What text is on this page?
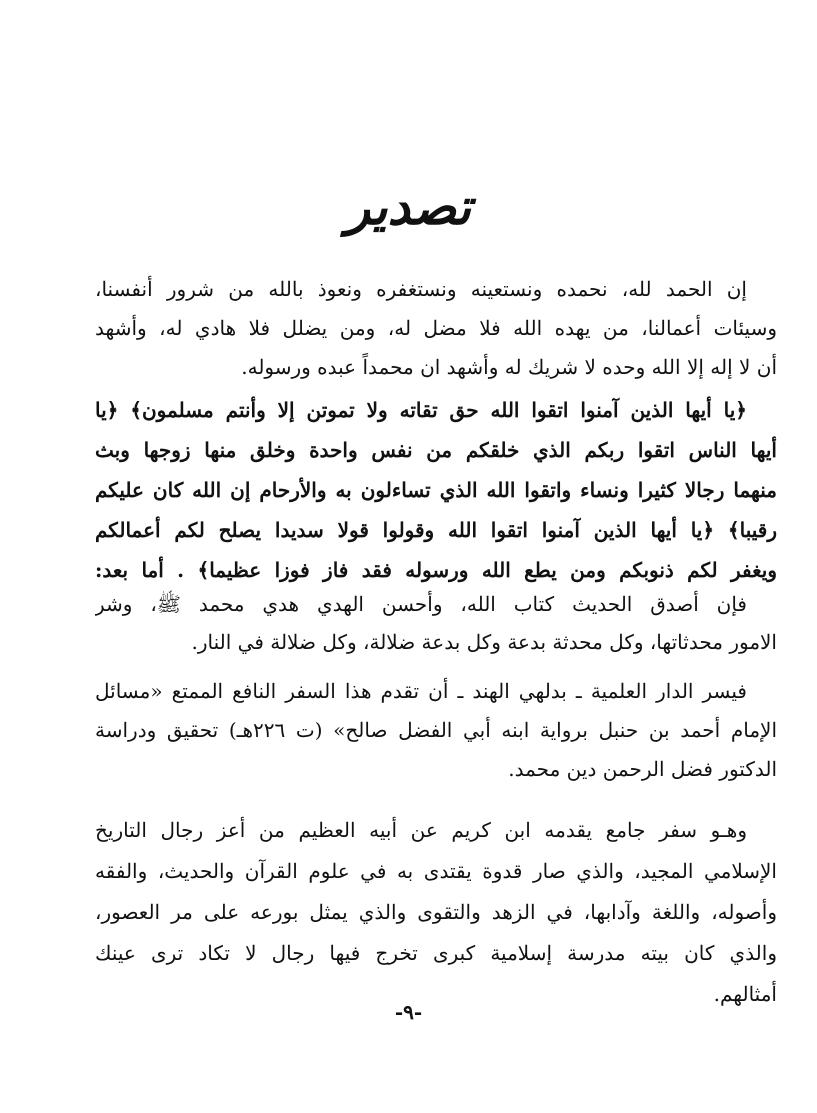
تصدير
إن الحمد لله، نحمده ونستعينه ونستغفره ونعوذ بالله من شرور أنفسنا،
وسيئات أعمالنا، من يهده الله فلا مضل له، ومن يضلل فلا هادي له، وأشهد
أن لا إله إلا الله وحده لا شريك له وأشهد ان محمداً عبده ورسوله.
﴿يا أيها الذين آمنوا اتقوا الله حق تقاته ولا تموتن إلا وأنتم مسلمون﴾ ﴿يا
أيها الناس اتقوا ربكم الذي خلقكم من نفس واحدة وخلق منها زوجها وبث
منهما رجالا كثيرا ونساء واتقوا الله الذي تساءلون به والأرحام إن الله كان عليكم
رقيبا﴾ ﴿يا أيها الذين آمنوا اتقوا الله وقولوا قولا سديدا يصلح لكم أعمالكم
ويغفر لكم ذنوبكم ومن يطع الله ورسوله فقد فاز فوزا عظيما﴾ . أما بعد:
فإن أصدق الحديث كتاب الله، وأحسن الهدي هدي محمد ﷺ، وشر
الامور محدثاتها، وكل محدثة بدعة وكل بدعة ضلالة، وكل ضلالة في النار.
فيسر الدار العلمية ـ بدلهي الهند ـ أن تقدم هذا السفر النافع الممتع «مسائل
الإمام أحمد بن حنبل برواية ابنه أبي الفضل صالح» (ت ٢٢٦هـ) تحقيق ودراسة
الدكتور فضل الرحمن دين محمد.
وهـو سفر جامع يقدمه ابن كريم عن أبيه العظيم من أعز رجال التاريخ
الإسلامي المجيد، والذي صار قدوة يقتدى به في علوم القرآن والحديث، والفقه
وأصوله، واللغة وآدابها، في الزهد والتقوى والذي يمثل بورعه على مر العصور،
والذي كان بيته مدرسة إسلامية كبرى تخرج فيها رجال لا تكاد ترى عينك
أمثالهم.
-٩-
